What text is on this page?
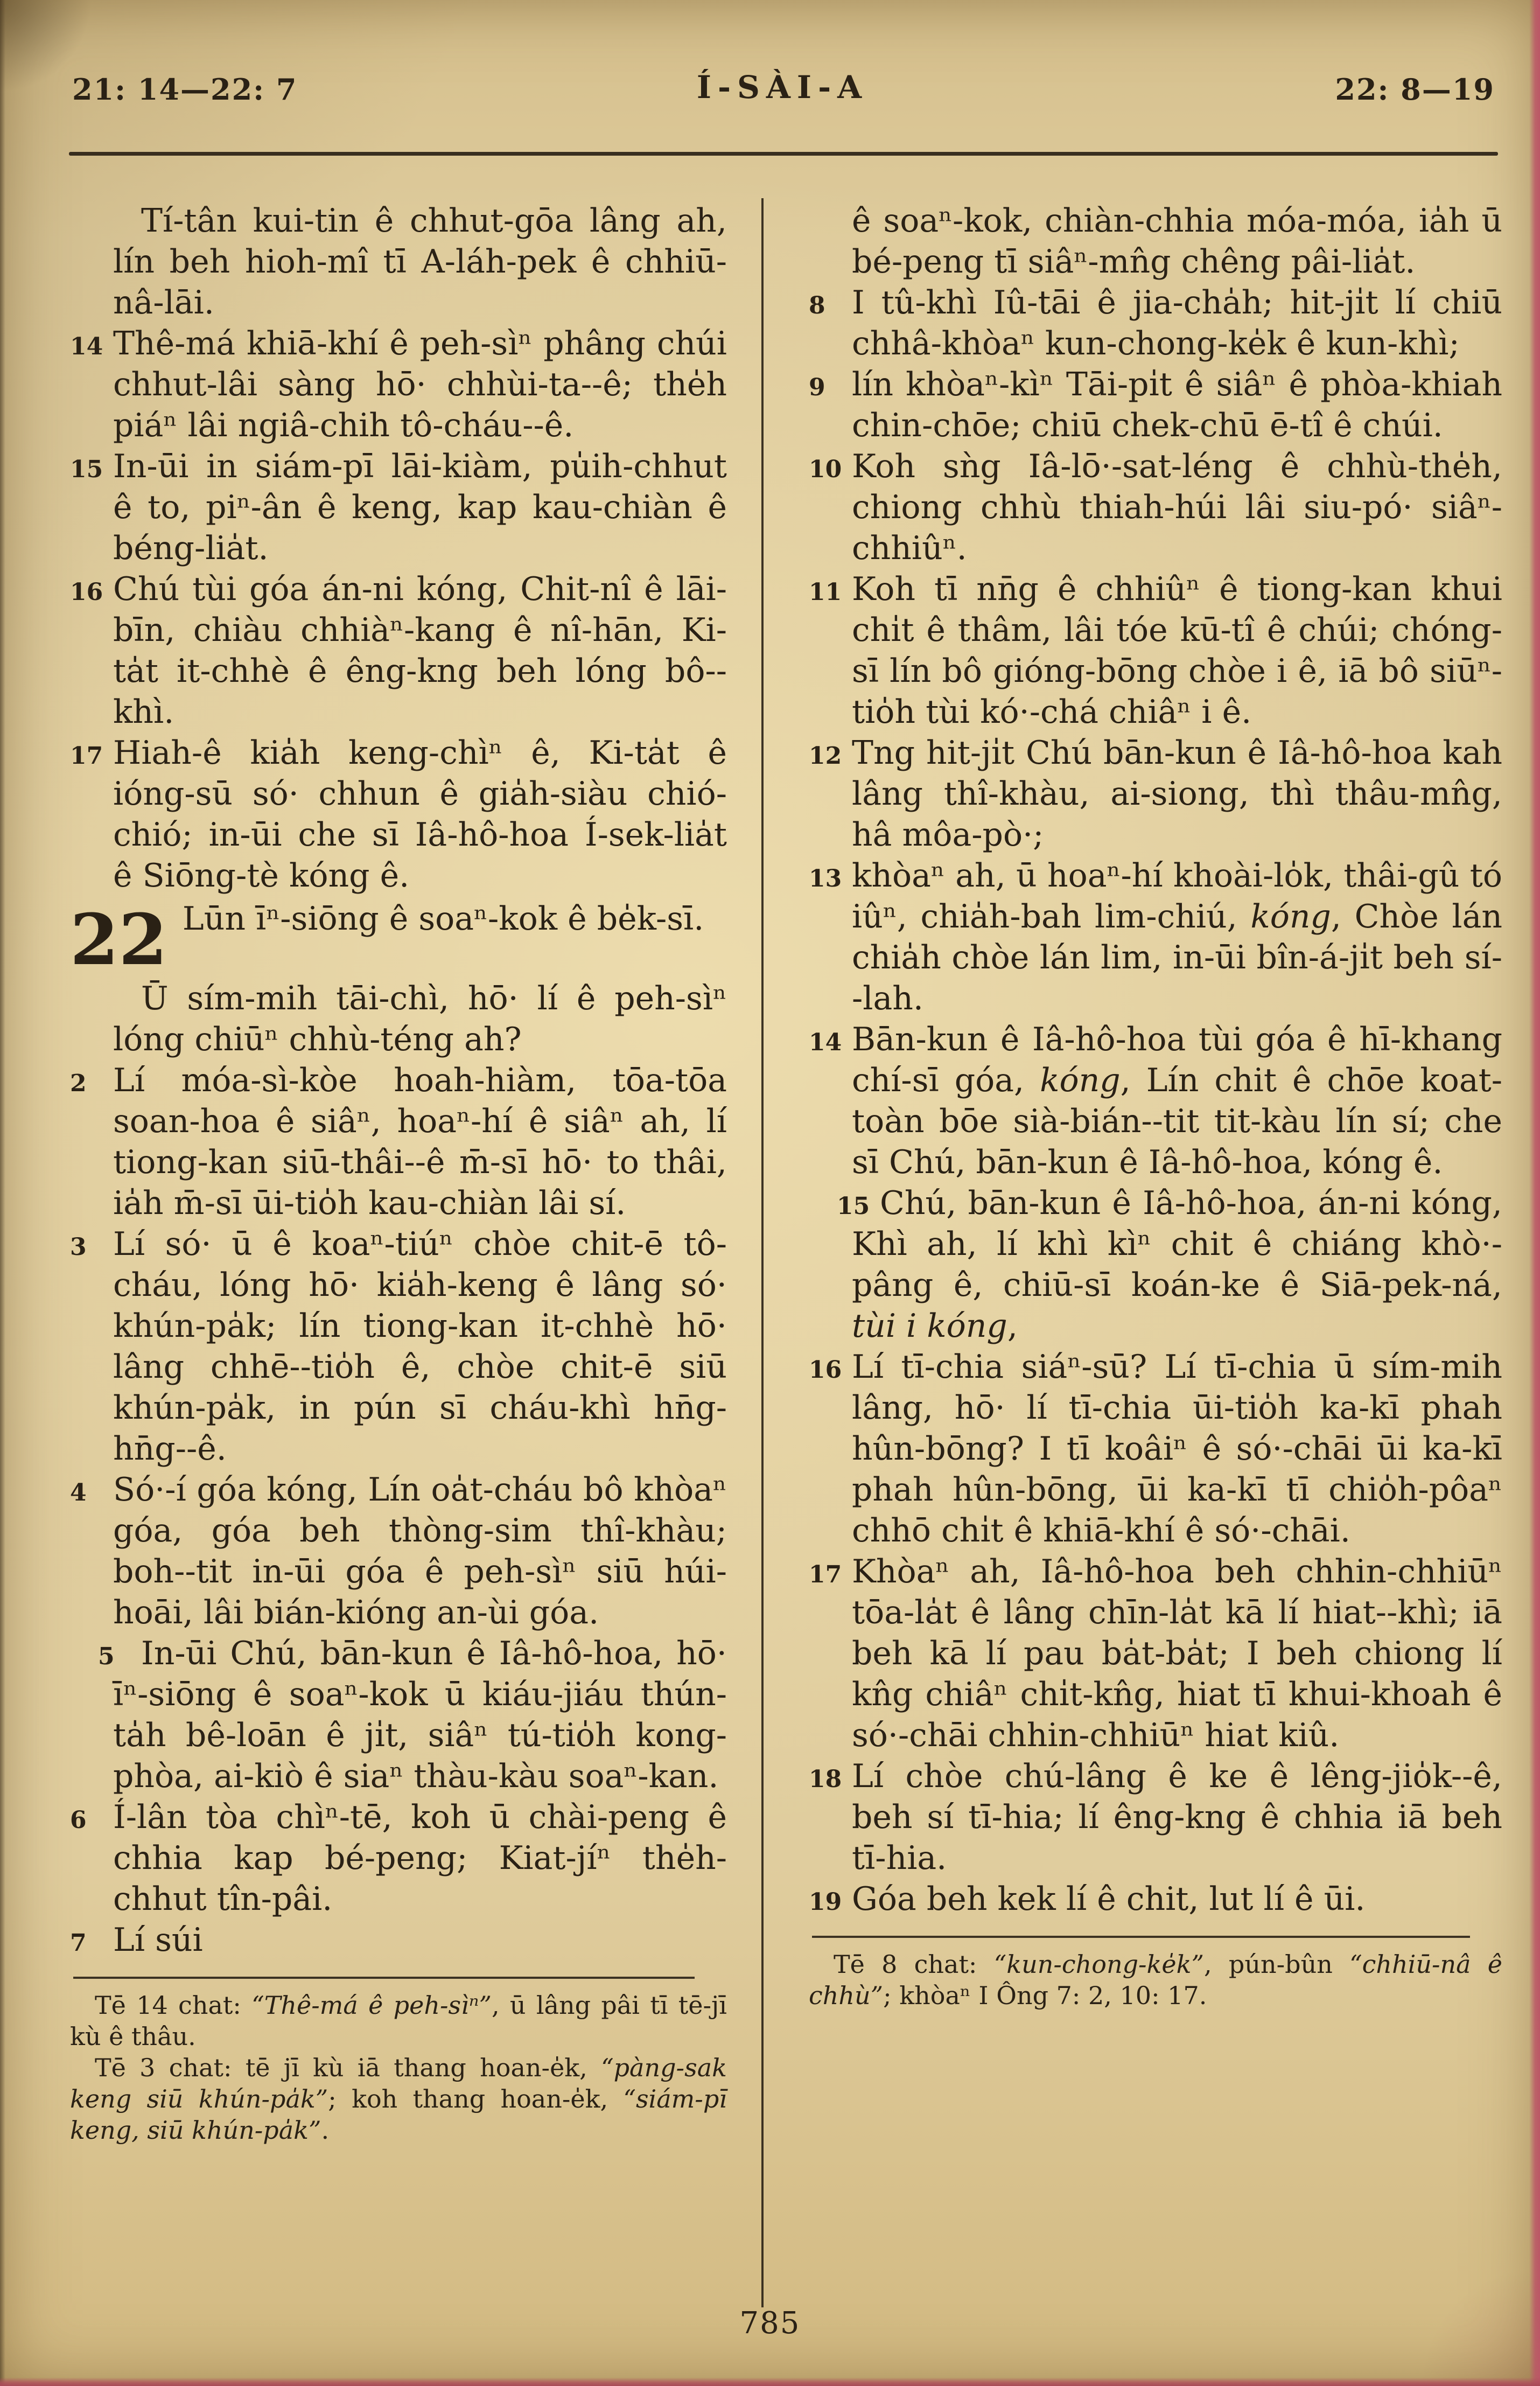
21: 14—22: 7	Í-SÀI-A	22: 8—19
Tí-tân kui-tin ê chhut-gōa lâng ah, lín beh hioh-mî tī A-láh-pek ê chhiū-nâ-lāi.
14 Thê-má khiā-khí ê peh-sìⁿ phâng chúi chhut-lâi sàng hō· chhùi-ta--ê; the̍h piáⁿ lâi ngiâ-chih tô-cháu--ê.
15 In-ūi in siám-pī lāi-kiàm, pu̍ih-chhut ê to, piⁿ-ân ê keng, kap kau-chiàn ê béng-lia̍t.
16 Chú tùi góa án-ni kóng, Chit-nî ê lāi-bīn, chiàu chhiàⁿ-kang ê nî-hān, Ki-ta̍t it-chhè ê êng-kng beh lóng bô--khì.
17 Hiah-ê kia̍h keng-chìⁿ ê, Ki-ta̍t ê ióng-sū só· chhun ê gia̍h-siàu chió-chió; in-ūi che sī Iâ-hô-hoa Í-sek-lia̍t ê Siōng-tè kóng ê.
22 Lūn īⁿ-siōng ê soaⁿ-kok ê be̍k-sī.
Ū sím-mih tāi-chì, hō· lí ê peh-sìⁿ lóng chiūⁿ chhù-téng ah?
2 Lí móa-sì-kòe hoah-hiàm, tōa-tōa soan-hoa ê siâⁿ, hoaⁿ-hí ê siâⁿ ah, lí tiong-kan siū-thâi--ê m̄-sī hō· to thâi, ia̍h m̄-sī ūi-tio̍h kau-chiàn lâi sí.
3 Lí só· ū ê koaⁿ-tiúⁿ chòe chit-ē tô-cháu, lóng hō· kia̍h-keng ê lâng só· khún-pa̍k; lín tiong-kan it-chhè hō· lâng chhē--tio̍h ê, chòe chit-ē siū khún-pa̍k, in pún sī cháu-khì hn̄g-hn̄g--ê.
4 Só·-í góa kóng, Lín oa̍t-cháu bô khòaⁿ góa, góa beh thòng-sim thî-khàu; boh--tit in-ūi góa ê peh-sìⁿ siū húi-hoāi, lâi bián-kióng an-ùi góa.
5 In-ūi Chú, bān-kun ê Iâ-hô-hoa, hō· īⁿ-siōng ê soaⁿ-kok ū kiáu-jiáu thún-ta̍h bê-loān ê ji̍t, siâⁿ tú-tio̍h kong-phòa, ai-kiò ê siaⁿ thàu-kàu soaⁿ-kan.
6 Í-lân tòa chìⁿ-tē, koh ū chài-peng ê chhia kap bé-peng; Kiat-jíⁿ the̍h-chhut tîn-pâi.
7 Lí súi

Tē 14 chat: “Thê-má ê peh-sìⁿ”, ū lâng pâi tī tē-jī kù ê thâu.

Tē 3 chat: tē jī kù iā thang hoan-e̍k, “pàng-sak keng siū khún-pa̍k”; koh thang hoan-e̍k, “siám-pī keng, siū khún-pa̍k”.

ê soaⁿ-kok, chiàn-chhia móa-móa, ia̍h ū bé-peng tī siâⁿ-mn̂g chêng pâi-lia̍t.
8 I tû-khì Iû-tāi ê jia-cha̍h; hit-ji̍t lí chiū chhâ-khòaⁿ kun-chong-ke̍k ê kun-khì;
9 lín khòaⁿ-kìⁿ Tāi-pi̍t ê siâⁿ ê phòa-khiah chin-chōe; chiū chek-chū ē-tî ê chúi.
10 Koh sǹg Iâ-lō·-sat-léng ê chhù-the̍h, chiong chhù thiah-húi lâi siu-pó· siâⁿ-chhiûⁿ.
11 Koh tī nn̄g ê chhiûⁿ ê tiong-kan khui chi̍t ê thâm, lâi tóe kū-tî ê chúi; chóng-sī lín bô gióng-bōng chòe i ê, iā bô siūⁿ-tio̍h tùi kó·-chá chiâⁿ i ê.
12 Tng hit-ji̍t Chú bān-kun ê Iâ-hô-hoa kah lâng thî-khàu, ai-siong, thì thâu-mn̂g, hâ môa-pò·;
13 khòaⁿ ah, ū hoaⁿ-hí khoài-lo̍k, thâi-gû tó iûⁿ, chia̍h-bah lim-chiú, kóng, Chòe lán chia̍h chòe lán lim, in-ūi bîn-á-ji̍t beh sí--lah.
14 Bān-kun ê Iâ-hô-hoa tùi góa ê hī-khang chí-sī góa, kóng, Lín chit ê chōe koat-toàn bōe sià-bián--tit tit-kàu lín sí; che sī Chú, bān-kun ê Iâ-hô-hoa, kóng ê.
15 Chú, bān-kun ê Iâ-hô-hoa, án-ni kóng, Khì ah, lí khì kìⁿ chit ê chiáng khò·-pâng ê, chiū-sī koán-ke ê Siā-pek-ná, tùi i kóng,
16 Lí tī-chia siáⁿ-sū? Lí tī-chia ū sím-mih lâng, hō· lí tī-chia ūi-tio̍h ka-kī phah hûn-bōng? I tī koâiⁿ ê só·-chāi ūi ka-kī phah hûn-bōng, ūi ka-kī tī chio̍h-pôaⁿ chhō chi̍t ê khiā-khí ê só·-chāi.
17 Khòaⁿ ah, Iâ-hô-hoa beh chhin-chhiūⁿ tōa-la̍t ê lâng chīn-la̍t kā lí hiat--khì; iā beh kā lí pau ba̍t-ba̍t; I beh chiong lí kn̂g chiâⁿ chi̍t-kn̂g, hiat tī khui-khoah ê só·-chāi chhin-chhiūⁿ hiat kiû.
18 Lí chòe chú-lâng ê ke ê lêng-jio̍k--ê, beh sí tī-hia; lí êng-kng ê chhia iā beh tī-hia.
19 Góa beh kek lí ê chit, lut lí ê ūi.

Tē 8 chat: “kun-chong-ke̍k”, pún-bûn “chhiū-nâ ê chhù”; khòaⁿ I Ông 7: 2, 10: 17.

785
